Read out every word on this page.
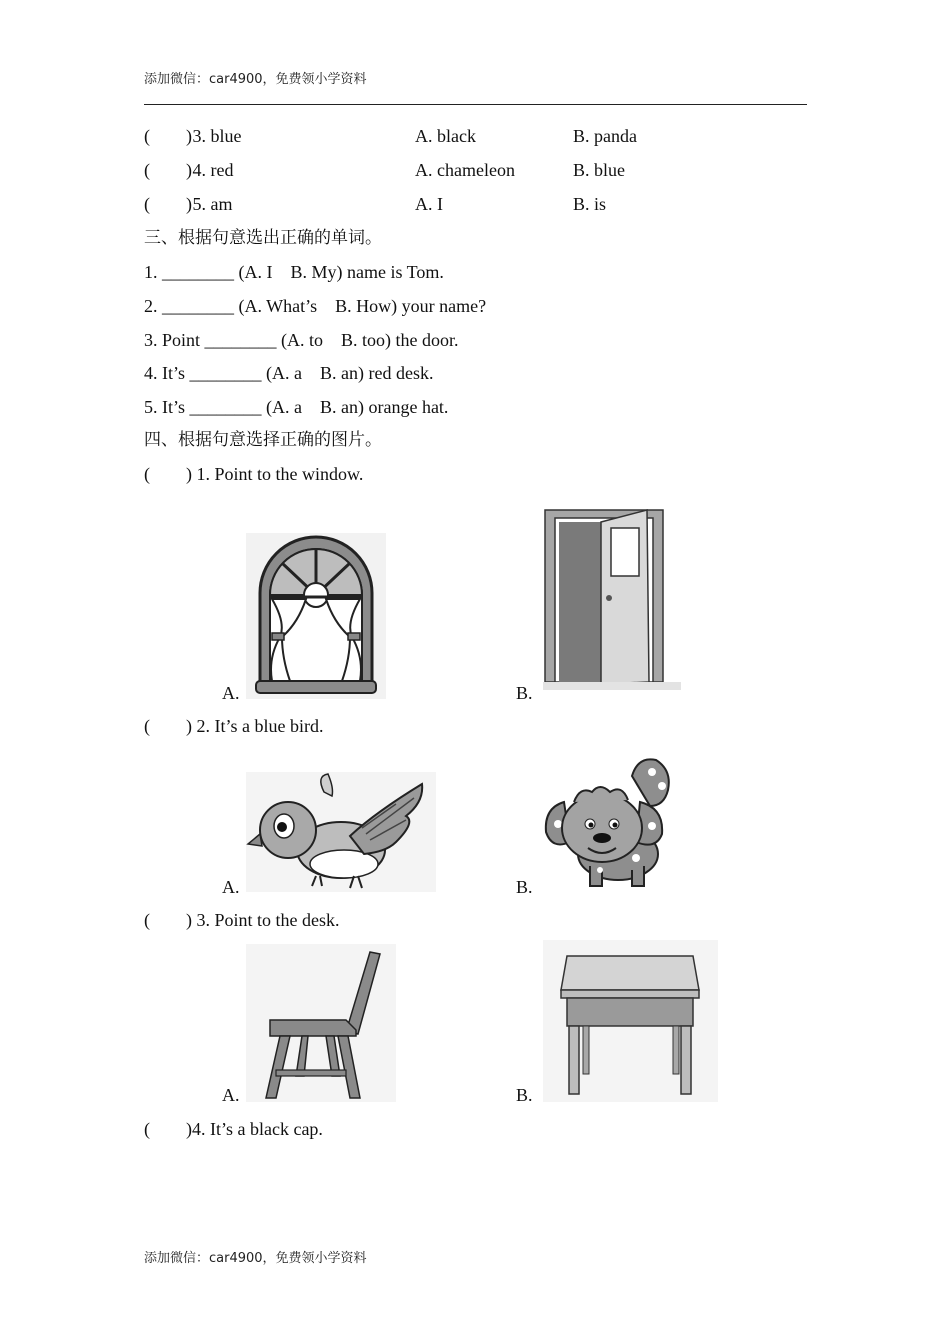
添加微信：car4900，免费领小学资料
(        )
3. blue	A. black	B. panda
(        )
4. red	A. chameleon	B. blue
(        )
5. am	A. I	B. is
三、根据句意选出正确的单词。
1. ________ (A. I    B. My) name is Tom.
2. ________ (A. What’s    B. How) your name?
3. Point ________ (A. to    B. too) the door.
4. It’s ________ (A. a    B. an) red desk.
5. It’s ________ (A. a    B. an) orange hat.
四、根据句意选择正确的图片。
(        ) 1. Point to the window.
A.	B.
(        ) 2. It’s a blue bird.
A.	B.
(        ) 3. Point to the desk.
A.	B.
(        )4. It’s a black cap.
添加微信：car4900，免费领小学资料
